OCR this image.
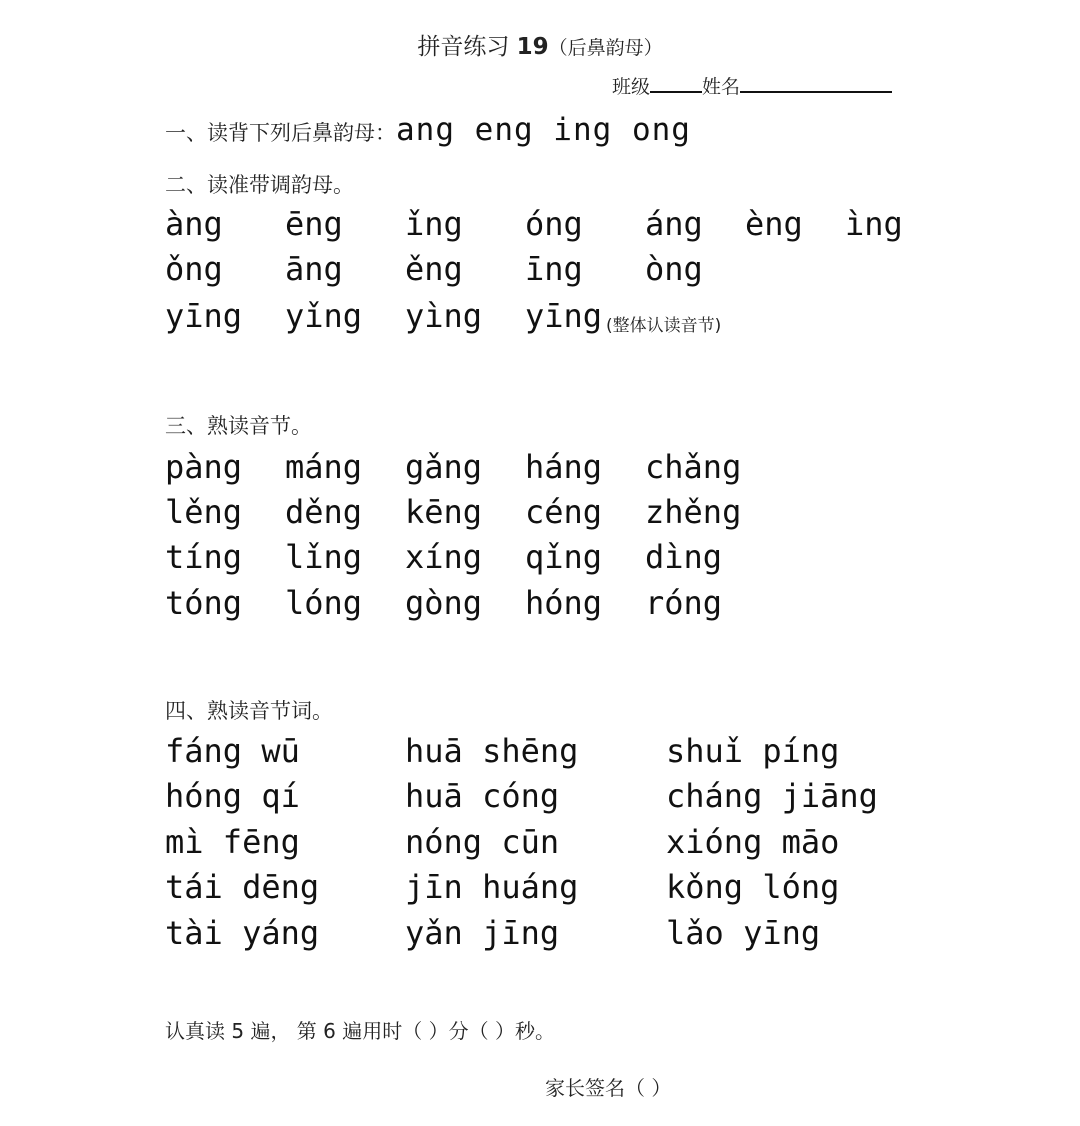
拼音练习 19（后鼻韵母）
班级	姓名
一、读背下列后鼻韵母：ang eng ing ong
二、读准带调韵母。
àng ēng ǐng óng áng èng ìng
ǒng āng ěng īng òng
yīng yǐng yìng yīng (整体认读音节)
三、熟读音节。
pàng máng gǎng háng chǎng
lěng děng kēng céng zhěng
tíng lǐng xíng qǐng dìng
tóng lóng gòng hóng róng
四、熟读音节词。
fáng wū	huā shēng	shuǐ píng
hóng qí	huā cóng	cháng jiāng
mì fēng	nóng cūn	xióng māo
tái dēng	jīn huáng	kǒng lóng
tài yáng	yǎn jīng	lǎo yīng
认真读 5 遍， 第 6 遍用时（ ）分（ ）秒。
家长签名（ ）
